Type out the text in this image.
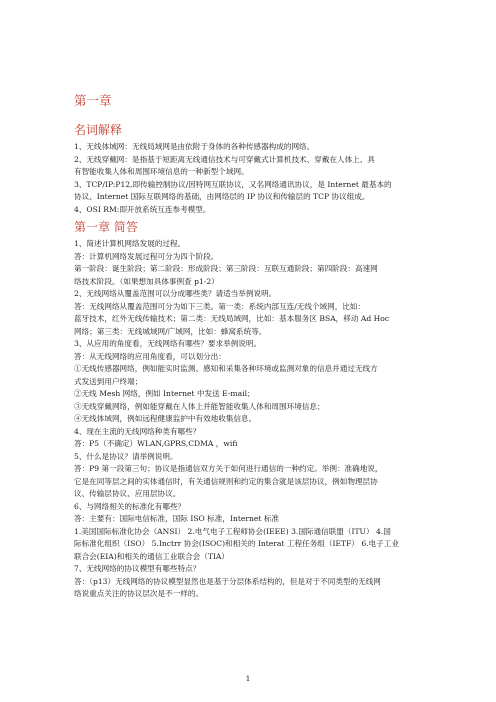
第一章
名词解释

1、无线体域网：无线局域网是由依附于身体的各种传感器构成的网络。

2、无线穿戴网：是指基于短距离无线通信技术与可穿戴式计算机技术、穿戴在人体上、具

有智能收集人体和周围环境信息的一种新型个域网。

3、TCP/IP:P12,即传输控制协议/因特网互联协议，又名网络通讯协议，是 Internet 最基本的

协议、Internet 国际互联网络的基础，由网络层的 IP 协议和传输层的 TCP 协议组成。

4、OSI RM:即开放系统互连参考模型。

第一章 简答

1、简述计算机网络发展的过程。

答：计算机网络发展过程可分为四个阶段。

第一阶段：诞生阶段；第二阶段：形成阶段；第三阶段：互联互通阶段；第四阶段：高速网

络技术阶段。（如果想加具体事例查 p1-2）

2、无线网络从覆盖范围可以分成哪些类？请适当举例说明。

答：无线网络从覆盖范围可分为如下三类。第一类：系统内部互连/无线个域网，比如：

蓝牙技术，红外无线传输技术；第二类：无线局域网，比如：基本服务区 BSA，移动 Ad Hoc

网络；第三类：无线城域网/广域网，比如：蜂窝系统等。

3、从应用的角度看，无线网络有哪些？要求举例说明。

答：从无线网络的应用角度看，可以划分出：

①无线传感器网络，例如能实时监测、感知和采集各种环境或监测对象的信息并通过无线方

式发送到用户终端；

②无线 Mesh 网络，例如 Internet 中发送 E-mail；

③无线穿戴网络，例如能穿戴在人体上并能智能收集人体和周围环境信息；

④无线体域网，例如远程健康监护中有效地收集信息。

4、现在主流的无线网络种类有哪些？

答：P5（不确定）WLAN,GPRS,CDMA ，wifi

5、什么是协议？请举例说明。

答：P9 第一段第三句；协议是指通信双方关于如何进行通信的一种约定。举例：准确地说，

它是在同等层之间的实体通信时，有关通信规则和约定的集合就是该层协议，例如物理层协

议、传输层协议、应用层协议。

6、与网络相关的标准化有哪些？

答：主要有：国际电信标准，国际 ISO 标准，Internet 标准

1.美国国际标准化协会（ANSI） 2.电气电子工程师协会(IEEE) 3.国际通信联盟（ITU） 4.国

际标准化组织（ISO） 5.Inctrr 协会(ISOC)和相关的 Interat 工程任务组（IETF） 6.电子工业

联合会(EIA)和相关的通信工业联合会（TIA）

7、无线网络的协议模型有哪些特点？

答：（p13）无线网络的协议模型显然也是基于分层体系结构的，但是对于不同类型的无线网

络说重点关注的协议层次是不一样的。

1
